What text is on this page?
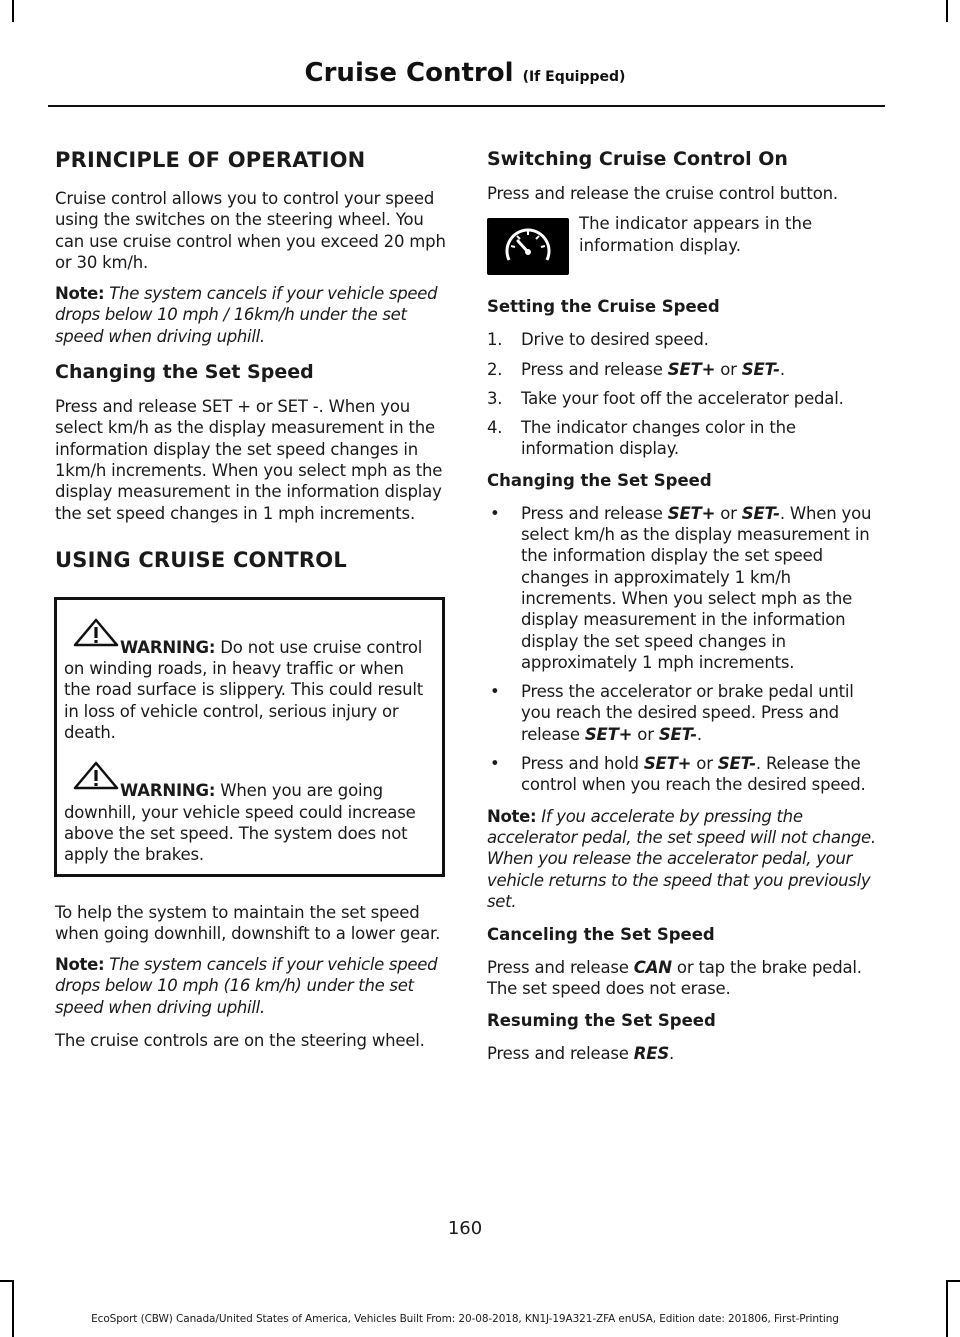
Cruise Control (If Equipped)
PRINCIPLE OF OPERATION
Cruise control allows you to control your speed using the switches on the steering wheel. You can use cruise control when you exceed 20 mph or 30 km/h.
Note: The system cancels if your vehicle speed drops below 10 mph / 16km/h under the set speed when driving uphill.
Changing the Set Speed
Press and release SET + or SET -. When you select km/h as the display measurement in the information display the set speed changes in 1km/h increments. When you select mph as the display measurement in the information display the set speed changes in 1 mph increments.
USING CRUISE CONTROL
WARNING: Do not use cruise control on winding roads, in heavy traffic or when the road surface is slippery. This could result in loss of vehicle control, serious injury or death.
WARNING: When you are going downhill, your vehicle speed could increase above the set speed. The system does not apply the brakes.
To help the system to maintain the set speed when going downhill, downshift to a lower gear.
Note: The system cancels if your vehicle speed drops below 10 mph (16 km/h) under the set speed when driving uphill.
The cruise controls are on the steering wheel.
Switching Cruise Control On
Press and release the cruise control button.
The indicator appears in the information display.
Setting the Cruise Speed
1. Drive to desired speed.
2. Press and release SET+ or SET-.
3. Take your foot off the accelerator pedal.
4. The indicator changes color in the information display.
Changing the Set Speed
• Press and release SET+ or SET-. When you select km/h as the display measurement in the information display the set speed changes in approximately 1 km/h increments. When you select mph as the display measurement in the information display the set speed changes in approximately 1 mph increments.
• Press the accelerator or brake pedal until you reach the desired speed. Press and release SET+ or SET-.
• Press and hold SET+ or SET-. Release the control when you reach the desired speed.
Note: If you accelerate by pressing the accelerator pedal, the set speed will not change. When you release the accelerator pedal, your vehicle returns to the speed that you previously set.
Canceling the Set Speed
Press and release CAN or tap the brake pedal. The set speed does not erase.
Resuming the Set Speed
Press and release RES.
160
EcoSport (CBW) Canada/United States of America, Vehicles Built From: 20-08-2018, KN1J-19A321-ZFA enUSA, Edition date: 201806, First-Printing
